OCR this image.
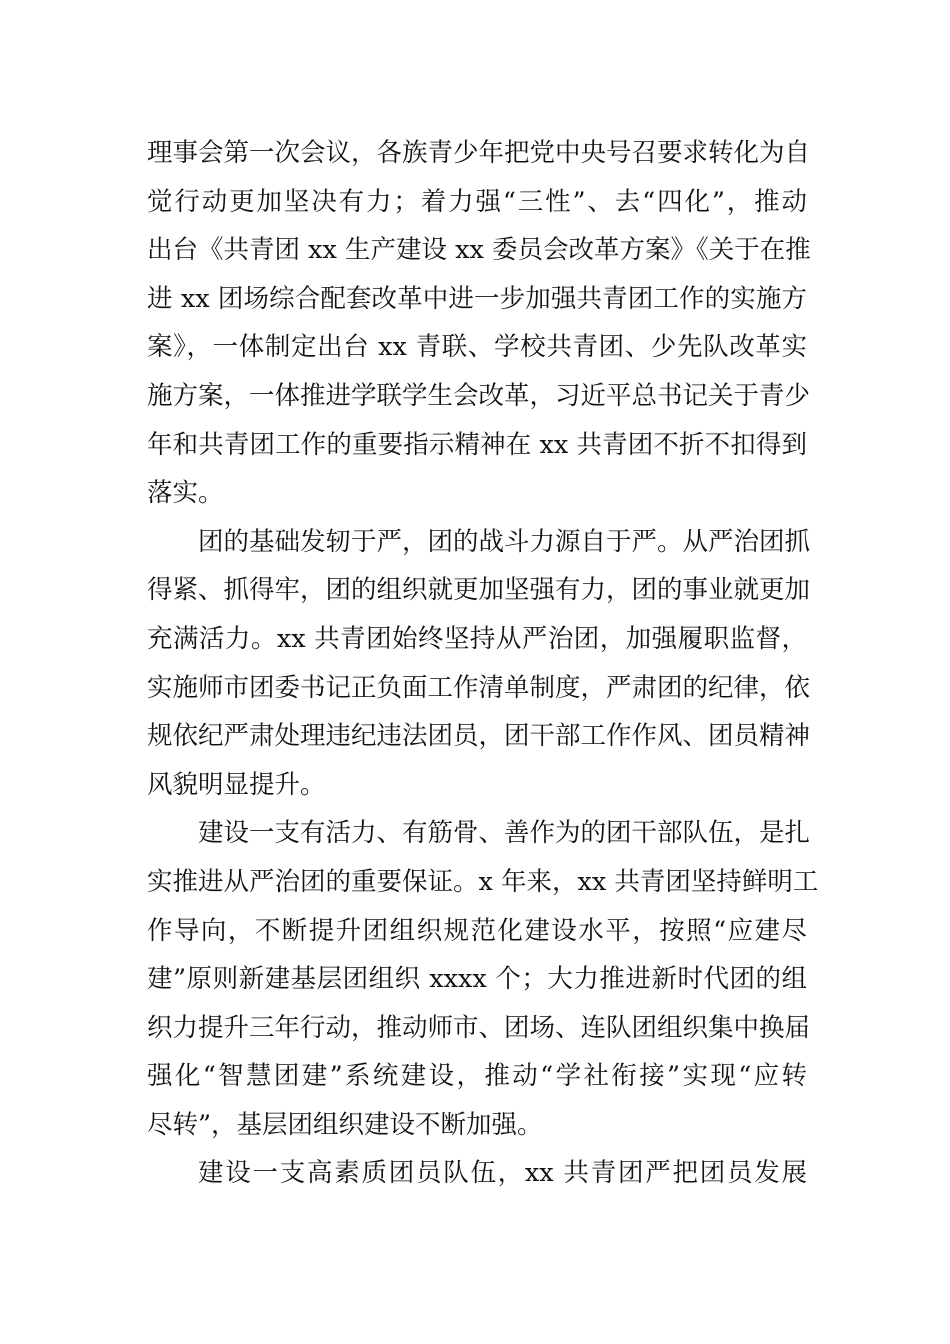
理事会第一次会议，各族青少年把党中央号召要求转化为自
觉行动更加坚决有力；着力强“三性”、去“四化”，推动
出台《共青团 xx 生产建设 xx 委员会改革方案》《关于在推
进 xx 团场综合配套改革中进一步加强共青团工作的实施方
案》，一体制定出台 xx 青联、学校共青团、少先队改革实
施方案，一体推进学联学生会改革，习近平总书记关于青少
年和共青团工作的重要指示精神在 xx 共青团不折不扣得到
落实。
团的基础发轫于严，团的战斗力源自于严。从严治团抓
得紧、抓得牢，团的组织就更加坚强有力，团的事业就更加
充满活力。xx 共青团始终坚持从严治团，加强履职监督，
实施师市团委书记正负面工作清单制度，严肃团的纪律，依
规依纪严肃处理违纪违法团员，团干部工作作风、团员精神
风貌明显提升。
建设一支有活力、有筋骨、善作为的团干部队伍，是扎
实推进从严治团的重要保证。x 年来，xx 共青团坚持鲜明工
作导向，不断提升团组织规范化建设水平，按照“应建尽
建”原则新建基层团组织 xxxx 个；大力推进新时代团的组
织力提升三年行动，推动师市、团场、连队团组织集中换届
强化“智慧团建”系统建设，推动“学社衔接”实现“应转
尽转”，基层团组织建设不断加强。
建设一支高素质团员队伍，xx 共青团严把团员发展
